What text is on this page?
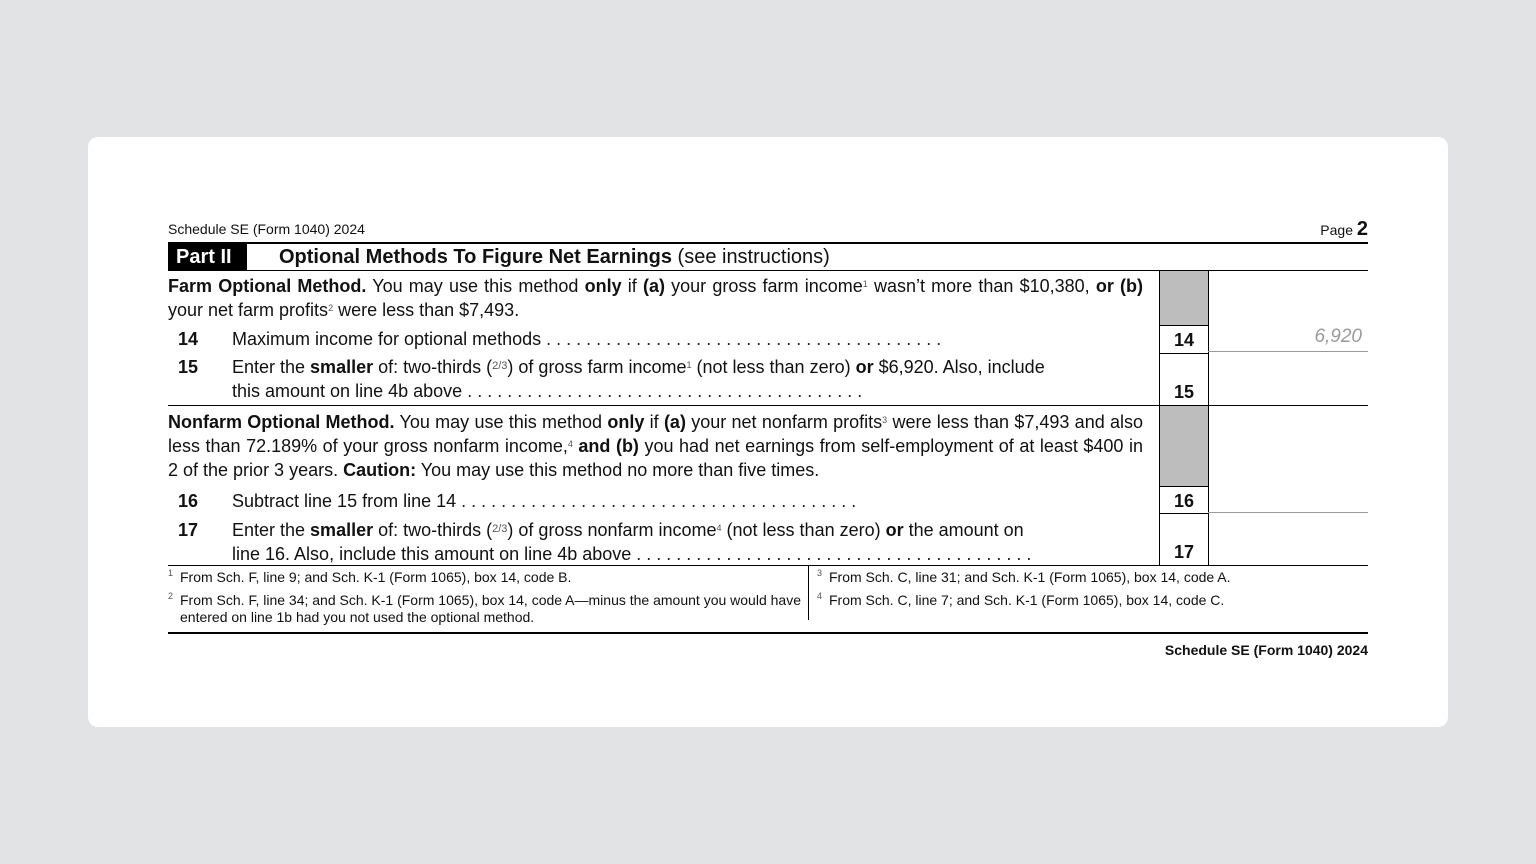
Schedule SE (Form 1040) 2024	Page 2
Part II	Optional Methods To Figure Net Earnings (see instructions)
14
15
6,920
Farm Optional Method. You may use this method only if (a) your gross farm income$^1$ wasn’t more than $10,380, or (b) your net farm profits$^2$ were less than $7,493.
14 Maximum income for optional methods . . . . . . . . . . . . . . . . . . . . . . . . . . . . . . . . . . . . . . . .
15 Enter the smaller of: two-thirds ($^{2/3}$) of gross farm income$^1$ (not less than zero) or $6,920. Also, include
this amount on line 4b above . . . . . . . . . . . . . . . . . . . . . . . . . . . . . . . . . . . . . . . .
16
17
Nonfarm Optional Method. You may use this method only if (a) your net nonfarm profits$^3$ were less than $7,493 and also less than 72.189% of your gross nonfarm income,$^4$ and (b) you had net earnings from self-employment of at least $400 in 2 of the prior 3 years. Caution: You may use this method no more than five times.
16 Subtract line 15 from line 14 . . . . . . . . . . . . . . . . . . . . . . . . . . . . . . . . . . . . . . . .
17 Enter the smaller of: two-thirds ($^{2/3}$) of gross nonfarm income$^4$ (not less than zero) or the amount on
line 16. Also, include this amount on line 4b above . . . . . . . . . . . . . . . . . . . . . . . . . . . . . . . . . . . . . . . .
1 From Sch. F, line 9; and Sch. K-1 (Form 1065), box 14, code B.
2 From Sch. F, line 34; and Sch. K-1 (Form 1065), box 14, code A—minus the amount you would have entered on line 1b had you not used the optional method.
3 From Sch. C, line 31; and Sch. K-1 (Form 1065), box 14, code A.
4 From Sch. C, line 7; and Sch. K-1 (Form 1065), box 14, code C.
Schedule SE (Form 1040) 2024
